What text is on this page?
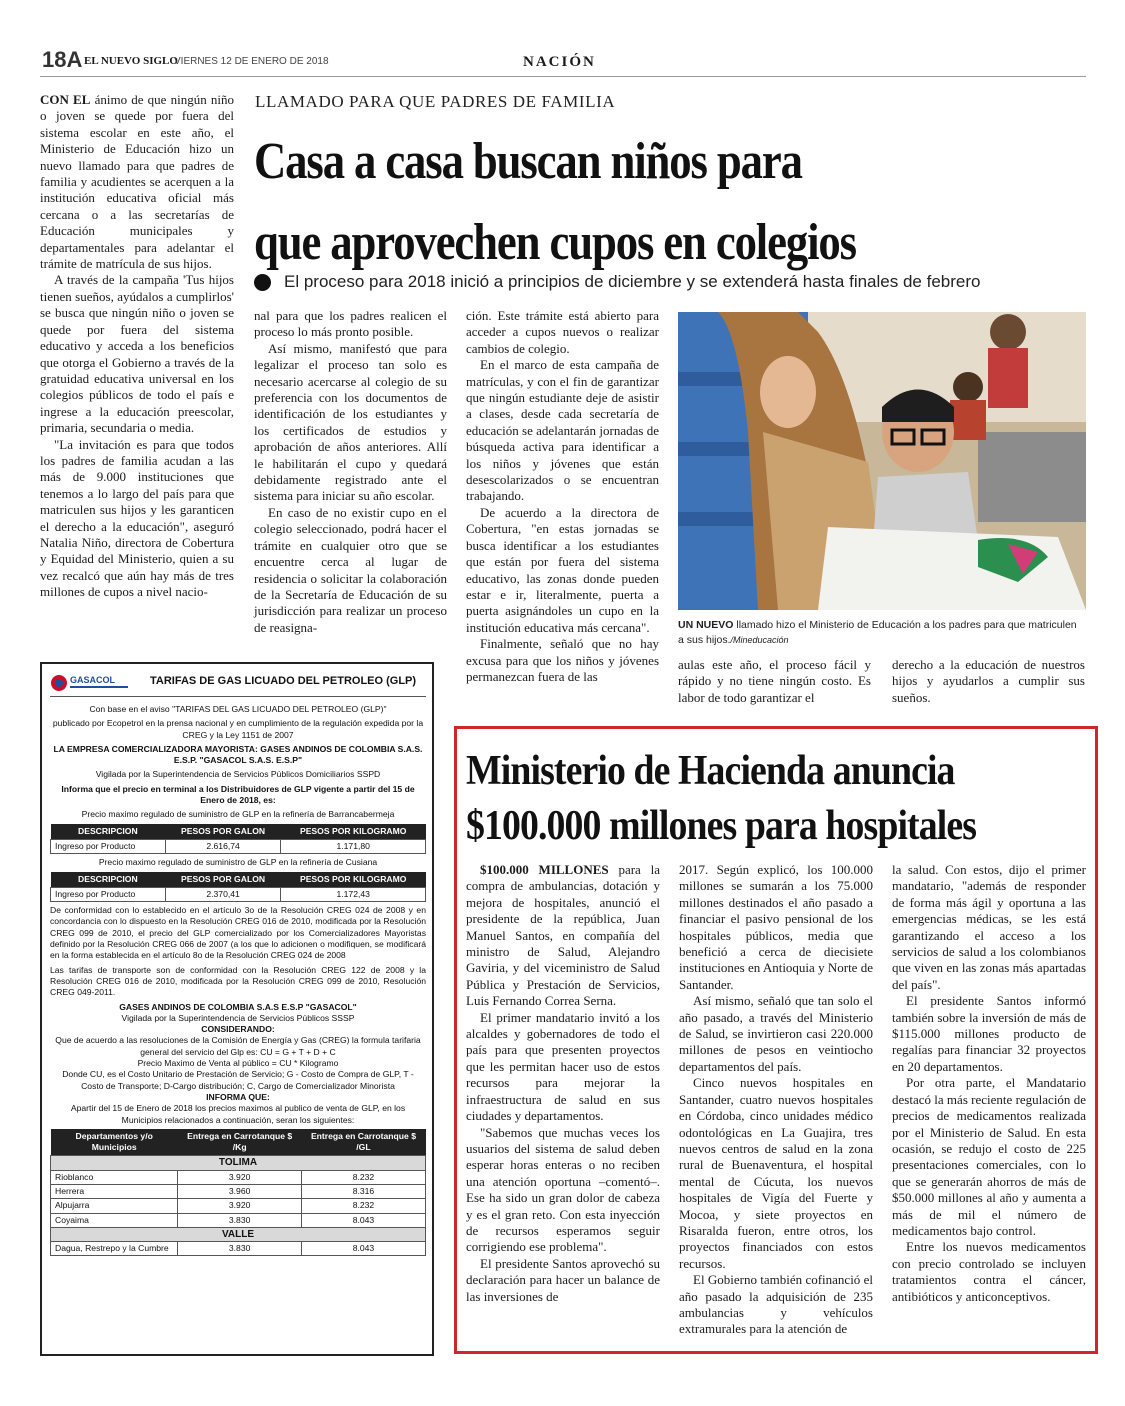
18A EL NUEVO SIGLO
VIERNES 12 DE ENERO DE 2018	NACIÓN
LLAMADO PARA QUE PADRES DE FAMILIA
Casa a casa buscan niños para
que aprovechen cupos en colegios
El proceso para 2018 inició a principios de diciembre y se extenderá hasta finales de febrero

CON EL ánimo de que ningún niño o joven se quede por fuera del sistema escolar en este año, el Ministerio de Educación hizo un nuevo llamado para que padres de familia y acudientes se acerquen a la institución educativa oficial más cercana o a las secretarías de Educación municipales y departamentales para adelantar el trámite de matrícula de sus hijos.

A través de la campaña 'Tus hijos tienen sueños, ayúdalos a cumplirlos' se busca que ningún niño o joven se quede por fuera del sistema educativo y acceda a los beneficios que otorga el Gobierno a través de la gratuidad educativa universal en los colegios públicos de todo el país e ingrese a la educación preescolar, primaria, secundaria o media.

"La invitación es para que todos los padres de familia acudan a las más de 9.000 instituciones que tenemos a lo largo del país para que matriculen sus hijos y les garanticen el derecho a la educación", aseguró Natalia Niño, directora de Cobertura y Equidad del Ministerio, quien a su vez recalcó que aún hay más de tres millones de cupos a nivel nacio-

nal para que los padres realicen el proceso lo más pronto posible.

Así mismo, manifestó que para legalizar el proceso tan solo es necesario acercarse al colegio de su preferencia con los documentos de identificación de los estudiantes y los certificados de estudios y aprobación de años anteriores. Allí le habilitarán el cupo y quedará debidamente registrado ante el sistema para iniciar su año escolar.

En caso de no existir cupo en el colegio seleccionado, podrá hacer el trámite en cualquier otro que se encuentre cerca al lugar de residencia o solicitar la colaboración de la Secretaría de Educación de su jurisdicción para realizar un proceso de reasigna-

ción. Este trámite está abierto para acceder a cupos nuevos o realizar cambios de colegio.

En el marco de esta campaña de matrículas, y con el fin de garantizar que ningún estudiante deje de asistir a clases, desde cada secretaría de educación se adelantarán jornadas de búsqueda activa para identificar a los niños y jóvenes que están desescolarizados o se encuentran trabajando.

De acuerdo a la directora de Cobertura, "en estas jornadas se busca identificar a los estudiantes que están por fuera del sistema educativo, las zonas donde pueden estar e ir, literalmente, puerta a puerta asignándoles un cupo en la institución educativa más cercana".

Finalmente, señaló que no hay excusa para que los niños y jóvenes permanezcan fuera de las

UN NUEVO llamado hizo el Ministerio de Educación a los padres para que matriculen a sus hijos./Mineducación

aulas este año, el proceso fácil y rápido y no tiene ningún costo. Es labor de todo garantizar el

derecho a la educación de nuestros hijos y ayudarlos a cumplir sus sueños.

GASACOL	TARIFAS DE GAS LICUADO DEL PETROLEO (GLP)
Con base en el aviso "TARIFAS DEL GAS LICUADO DEL PETROLEO (GLP)"
publicado por Ecopetrol en la prensa nacional y en cumplimiento de la regulación expedida por la CREG y la Ley 1151 de 2007
LA EMPRESA COMERCIALIZADORA MAYORISTA: GASES ANDINOS DE COLOMBIA S.A.S. E.S.P. "GASACOL S.A.S. E.S.P"
Vigilada por la Superintendencia de Servicios Públicos Domiciliarios SSPD
Informa que el precio en terminal a los Distribuidores de GLP vigente a partir del 15 de Enero de 2018, es:
Precio maximo regulado de suministro de GLP en la refinería de Barrancabermeja
DESCRIPCION	PESOS POR GALON	PESOS POR KILOGRAMO
Ingreso por Producto	2.616,74	1.171,80
Precio maximo regulado de suministro de GLP en la refinería de Cusiana
DESCRIPCION	PESOS POR GALON	PESOS POR KILOGRAMO
Ingreso por Producto	2.370,41	1.172,43
De conformidad con lo establecido en el artículo 3o de la Resolución CREG 024 de 2008 y en concordancia con lo dispuesto en la Resolución CREG 016 de 2010, modificada por la Resolución CREG 099 de 2010, el precio del GLP comercializado por los Comercializadores Mayoristas definido por la Resolución CREG 066 de 2007 (a los que lo adicionen o modifiquen, se modificará en la forma establecida en el artículo 8o de la Resolución CREG 024 de 2008
Las tarifas de transporte son de conformidad con la Resolución CREG 122 de 2008 y la Resolución CREG 016 de 2010, modificada por la Resolución CREG 099 de 2010, Resolución CREG 049-2011.
GASES ANDINOS DE COLOMBIA S.A.S E.S.P "GASACOL"
Vigilada por la Superintendencia de Servicios Públicos SSSP
CONSIDERANDO:
Que de acuerdo a las resoluciones de la Comisión de Energía y Gas (CREG) la formula tarifaria general del servicio del Glp es: CU = G + T + D + C
Precio Maximo de Venta al público = CU * Kilogramo
Donde CU, es el Costo Unitario de Prestación de Servicio; G - Costo de Compra de GLP, T - Costo de Transporte; D-Cargo distribución; C, Cargo de Comercializador Minorista
INFORMA QUE:
Apartir del 15 de Enero de 2018 los precios maximos al publico de venta de GLP, en los Municipios relacionados a continuación, seran los siguientes:
Departamentos y/o Municipios	Entrega en Carrotanque $ /Kg	Entrega en Carrotanque $ /GL
TOLIMA		
Rioblanco	3.920	8.232
Herrera	3.960	8.316
Alpujarra	3.920	8.232
Coyaima	3.830	8.043
VALLE		
Dagua, Restrepo y la Cumbre	3.830	8.043
Ministerio de Hacienda anuncia
$100.000 millones para hospitales

$100.000 MILLONES para la compra de ambulancias, dotación y mejora de hospitales, anunció el presidente de la república, Juan Manuel Santos, en compañía del ministro de Salud, Alejandro Gaviria, y del viceministro de Salud Pública y Prestación de Servicios, Luis Fernando Correa Serna.

El primer mandatario invitó a los alcaldes y gobernadores de todo el país para que presenten proyectos que les permitan hacer uso de estos recursos para mejorar la infraestructura de salud en sus ciudades y departamentos.

"Sabemos que muchas veces los usuarios del sistema de salud deben esperar horas enteras o no reciben una atención oportuna –comentó–. Ese ha sido un gran dolor de cabeza y es el gran reto. Con esta inyección de recursos esperamos seguir corrigiendo ese problema".

El presidente Santos aprovechó su declaración para hacer un balance de las inversiones de

2017. Según explicó, los 100.000 millones se sumarán a los 75.000 millones destinados el año pasado a financiar el pasivo pensional de los hospitales públicos, media que benefició a cerca de diecisiete instituciones en Antioquia y Norte de Santander.

Así mismo, señaló que tan solo el año pasado, a través del Ministerio de Salud, se invirtieron casi 220.000 millones de pesos en veintiocho departamentos del país.

Cinco nuevos hospitales en Santander, cuatro nuevos hospitales en Córdoba, cinco unidades médico odontológicas en La Guajira, tres nuevos centros de salud en la zona rural de Buenaventura, el hospital mental de Cúcuta, los nuevos hospitales de Vigía del Fuerte y Mocoa, y siete proyectos en Risaralda fueron, entre otros, los proyectos financiados con estos recursos.

El Gobierno también cofinanció el año pasado la adquisición de 235 ambulancias y vehículos extramurales para la atención de

la salud. Con estos, dijo el primer mandatario, "además de responder de forma más ágil y oportuna a las emergencias médicas, se les está garantizando el acceso a los servicios de salud a los colombianos que viven en las zonas más apartadas del país".

El presidente Santos informó también sobre la inversión de más de $115.000 millones producto de regalías para financiar 32 proyectos en 20 departamentos.

Por otra parte, el Mandatario destacó la más reciente regulación de precios de medicamentos realizada por el Ministerio de Salud. En esta ocasión, se redujo el costo de 225 presentaciones comerciales, con lo que se generarán ahorros de más de $50.000 millones al año y aumenta a más de mil el número de medicamentos bajo control.

Entre los nuevos medicamentos con precio controlado se incluyen tratamientos contra el cáncer, antibióticos y anticonceptivos.
